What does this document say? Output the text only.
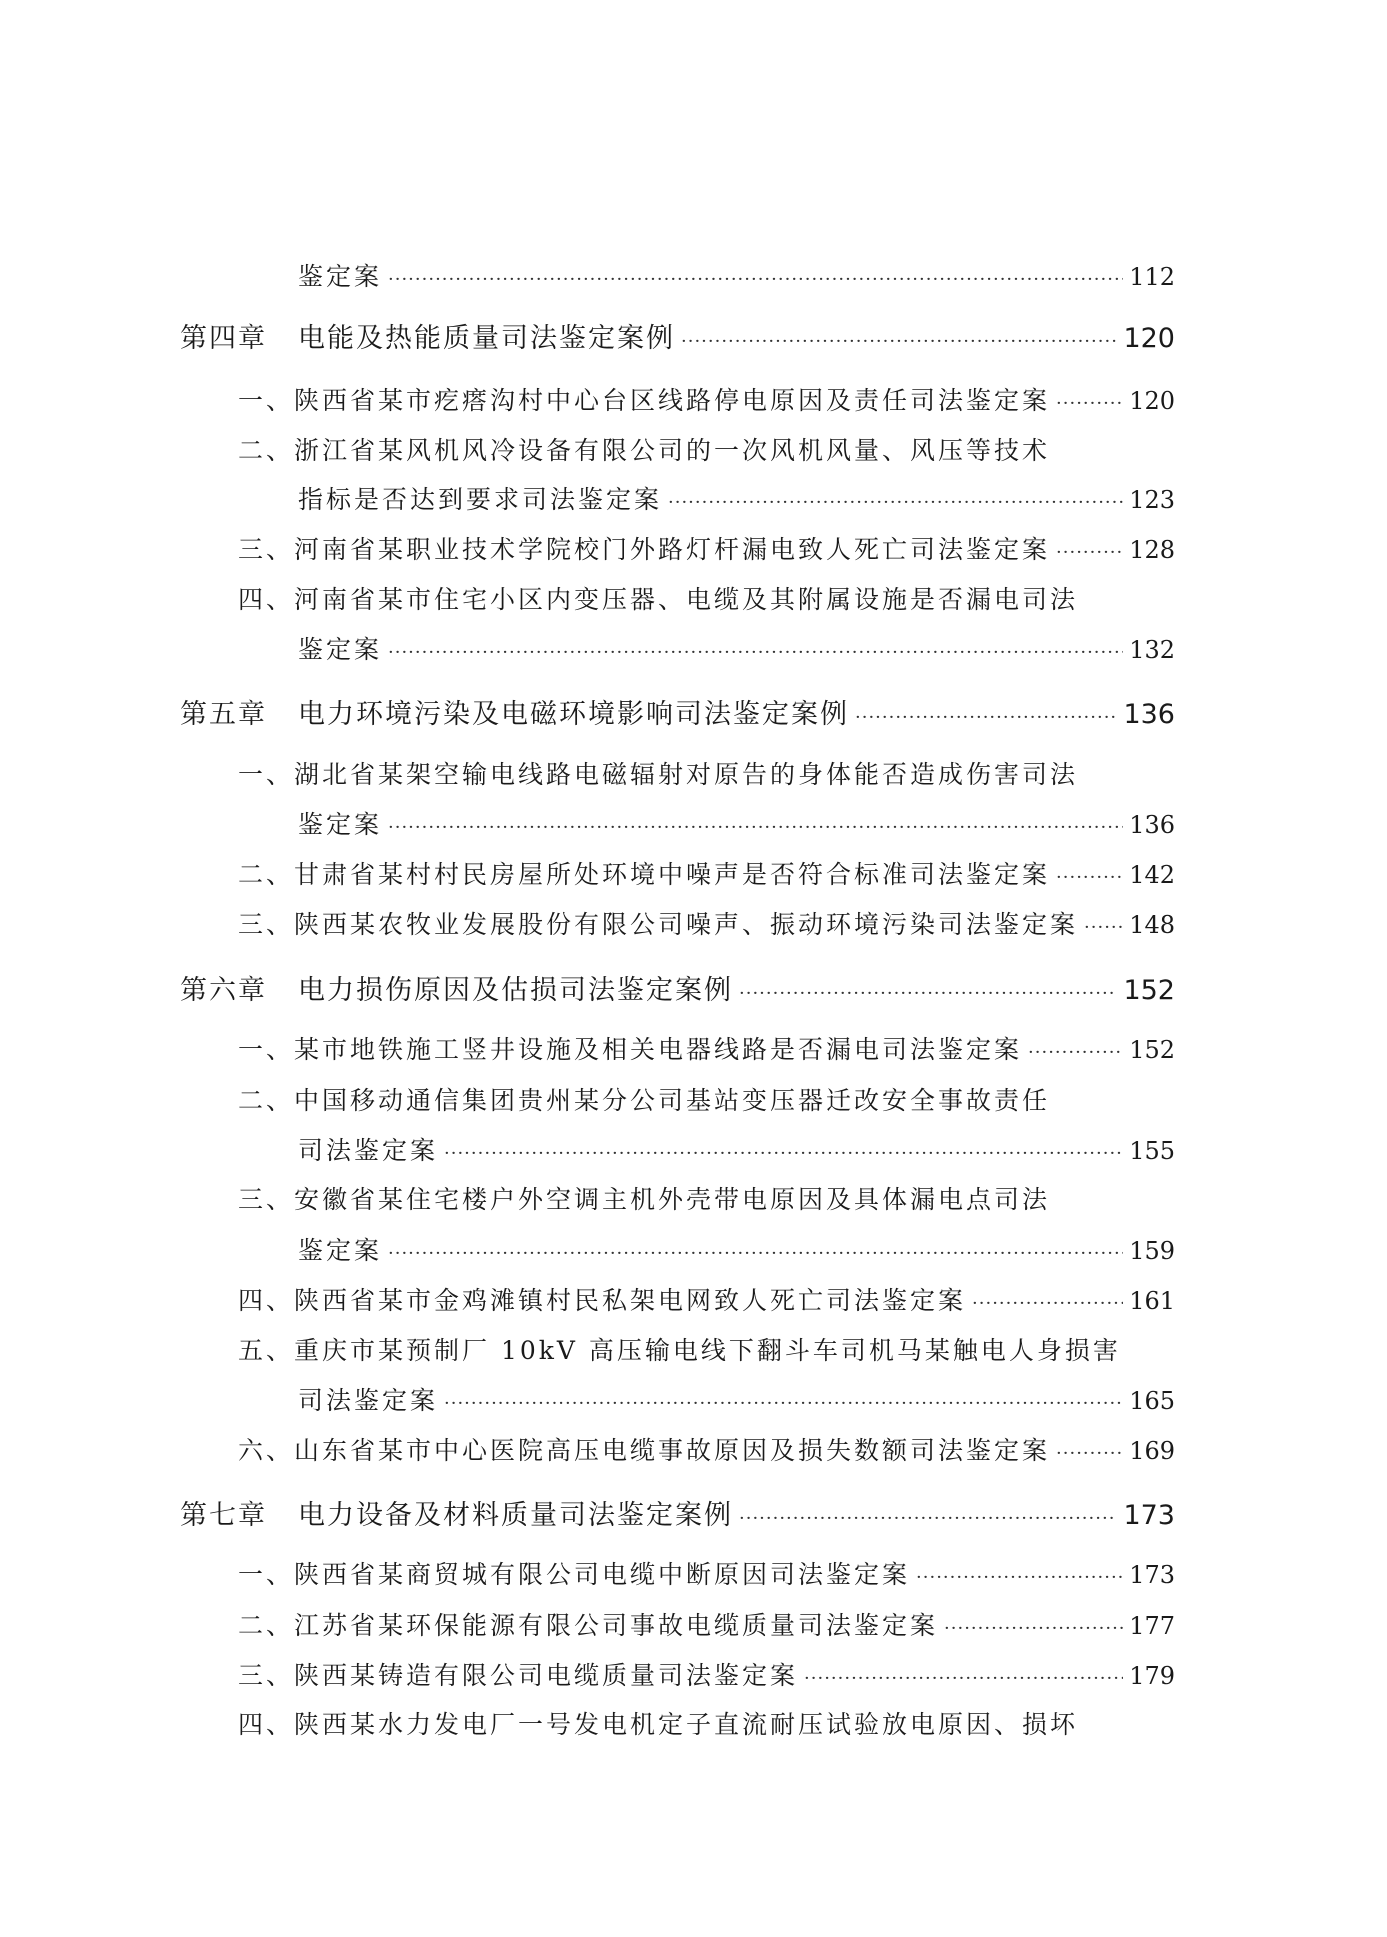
鉴定案 ·····	112
第四章	电能及热能质量司法鉴定案例 ·····	120
一、 陕西省某市疙瘩沟村中心台区线路停电原因及责任司法鉴定案 ·····	120
二、 浙江省某风机风冷设备有限公司的一次风机风量、风压等技术
指标是否达到要求司法鉴定案 ·····	123
三、 河南省某职业技术学院校门外路灯杆漏电致人死亡司法鉴定案 ·····	128
四、 河南省某市住宅小区内变压器、电缆及其附属设施是否漏电司法
鉴定案 ·····	132
第五章	电力环境污染及电磁环境影响司法鉴定案例 ·····	136
一、 湖北省某架空输电线路电磁辐射对原告的身体能否造成伤害司法
鉴定案 ·····	136
二、 甘肃省某村村民房屋所处环境中噪声是否符合标准司法鉴定案 ·····	142
三、 陕西某农牧业发展股份有限公司噪声、振动环境污染司法鉴定案 ····· 148
第六章	电力损伤原因及估损司法鉴定案例 ·····	152
一、 某市地铁施工竖井设施及相关电器线路是否漏电司法鉴定案 ·····	152
二、 中国移动通信集团贵州某分公司基站变压器迁改安全事故责任
司法鉴定案 ·····	155
三、 安徽省某住宅楼户外空调主机外壳带电原因及具体漏电点司法
鉴定案 ·····	159
四、 陕西省某市金鸡滩镇村民私架电网致人死亡司法鉴定案 ·····	161
五、 重庆市某预制厂 10kV 高压输电线下翻斗车司机马某触电人身损害
司法鉴定案 ·····	165
六、 山东省某市中心医院高压电缆事故原因及损失数额司法鉴定案 ·····	169
第七章	电力设备及材料质量司法鉴定案例 ·····	173
一、 陕西省某商贸城有限公司电缆中断原因司法鉴定案 ·····	173
二、 江苏省某环保能源有限公司事故电缆质量司法鉴定案 ·····	177
三、 陕西某铸造有限公司电缆质量司法鉴定案 ·····	179
四、 陕西某水力发电厂一号发电机定子直流耐压试验放电原因、损坏
